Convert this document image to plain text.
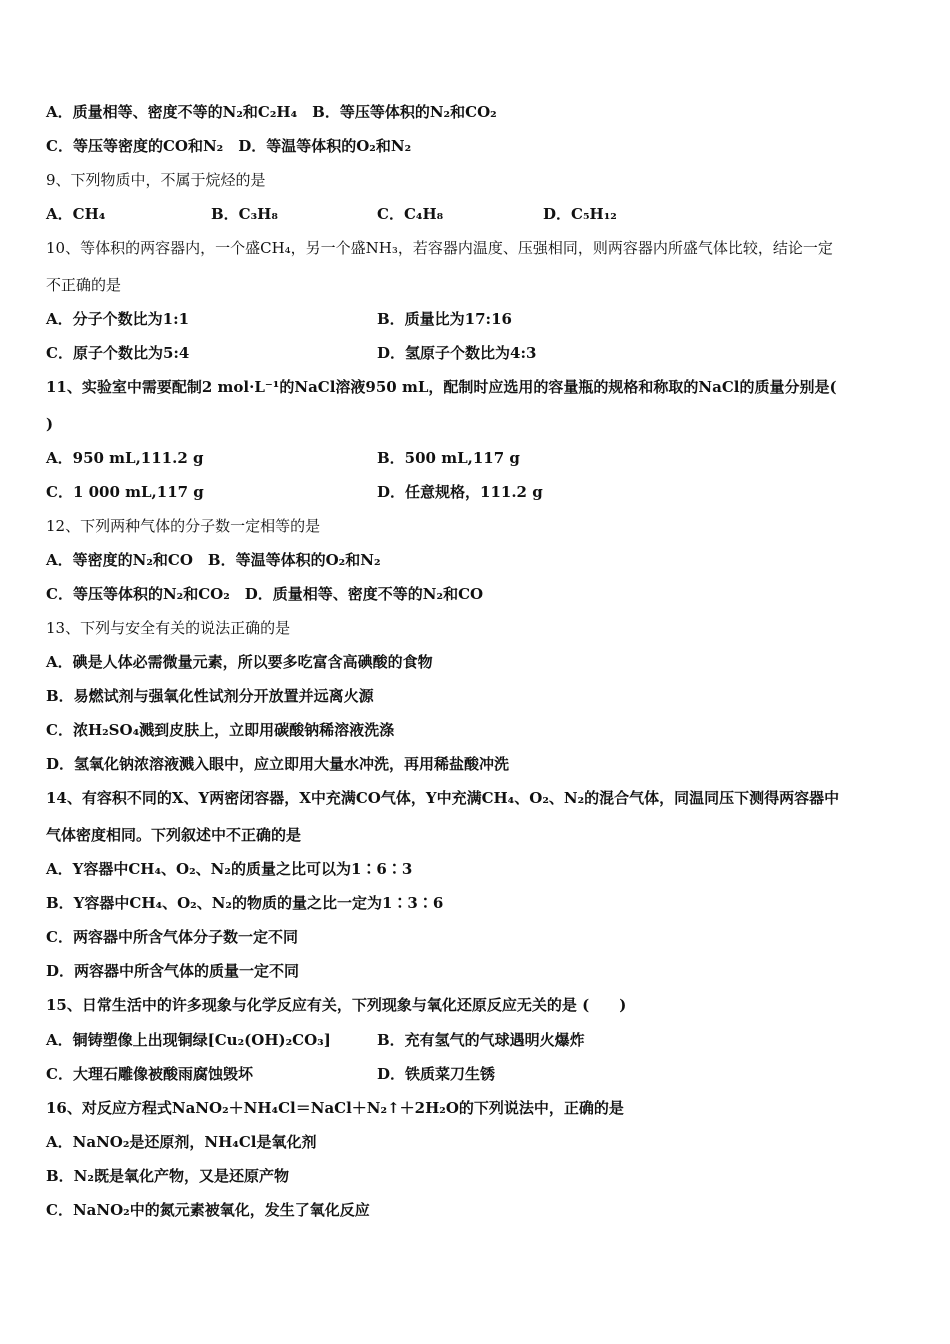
A．质量相等、密度不等的N₂和C₂H₄　B．等压等体积的N₂和CO₂
C．等压等密度的CO和N₂　D．等温等体积的O₂和N₂
9、下列物质中，不属于烷烃的是
A．CH₄	B．C₃H₈	C．C₄H₈	D．C₅H₁₂
10、等体积的两容器内，一个盛CH₄，另一个盛NH₃，若容器内温度、压强相同，则两容器内所盛气体比较，结论一定
不正确的是
A．分子个数比为1:1	B．质量比为17:16
C．原子个数比为5:4	D．氢原子个数比为4:3
11、实验室中需要配制2 mol·L⁻¹的NaCl溶液950 mL，配制时应选用的容量瓶的规格和称取的NaCl的质量分别是(
)
A．950 mL,111.2 g	B．500 mL,117 g
C．1 000 mL,117 g	D．任意规格，111.2 g
12、下列两种气体的分子数一定相等的是
A．等密度的N₂和CO　B．等温等体积的O₂和N₂
C．等压等体积的N₂和CO₂　D．质量相等、密度不等的N₂和CO
13、下列与安全有关的说法正确的是
A．碘是人体必需微量元素，所以要多吃富含高碘酸的食物
B．易燃试剂与强氧化性试剂分开放置并远离火源
C．浓H₂SO₄溅到皮肤上，立即用碳酸钠稀溶液洗涤
D．氢氧化钠浓溶液溅入眼中，应立即用大量水冲洗，再用稀盐酸冲洗
14、有容积不同的X、Y两密闭容器，X中充满CO气体，Y中充满CH₄、O₂、N₂的混合气体，同温同压下测得两容器中
气体密度相同。下列叙述中不正确的是
A．Y容器中CH₄、O₂、N₂的质量之比可以为1∶6∶3
B．Y容器中CH₄、O₂、N₂的物质的量之比一定为1∶3∶6
C．两容器中所含气体分子数一定不同
D．两容器中所含气体的质量一定不同
15、日常生活中的许多现象与化学反应有关，下列现象与氧化还原反应无关的是 (　　)
A．铜铸塑像上出现铜绿[Cu₂(OH)₂CO₃]	B．充有氢气的气球遇明火爆炸
C．大理石雕像被酸雨腐蚀毁坏	D．铁质菜刀生锈
16、对反应方程式NaNO₂＋NH₄Cl＝NaCl＋N₂↑＋2H₂O的下列说法中，正确的是
A．NaNO₂是还原剂，NH₄Cl是氧化剂
B．N₂既是氧化产物，又是还原产物
C．NaNO₂中的氮元素被氧化，发生了氧化反应
